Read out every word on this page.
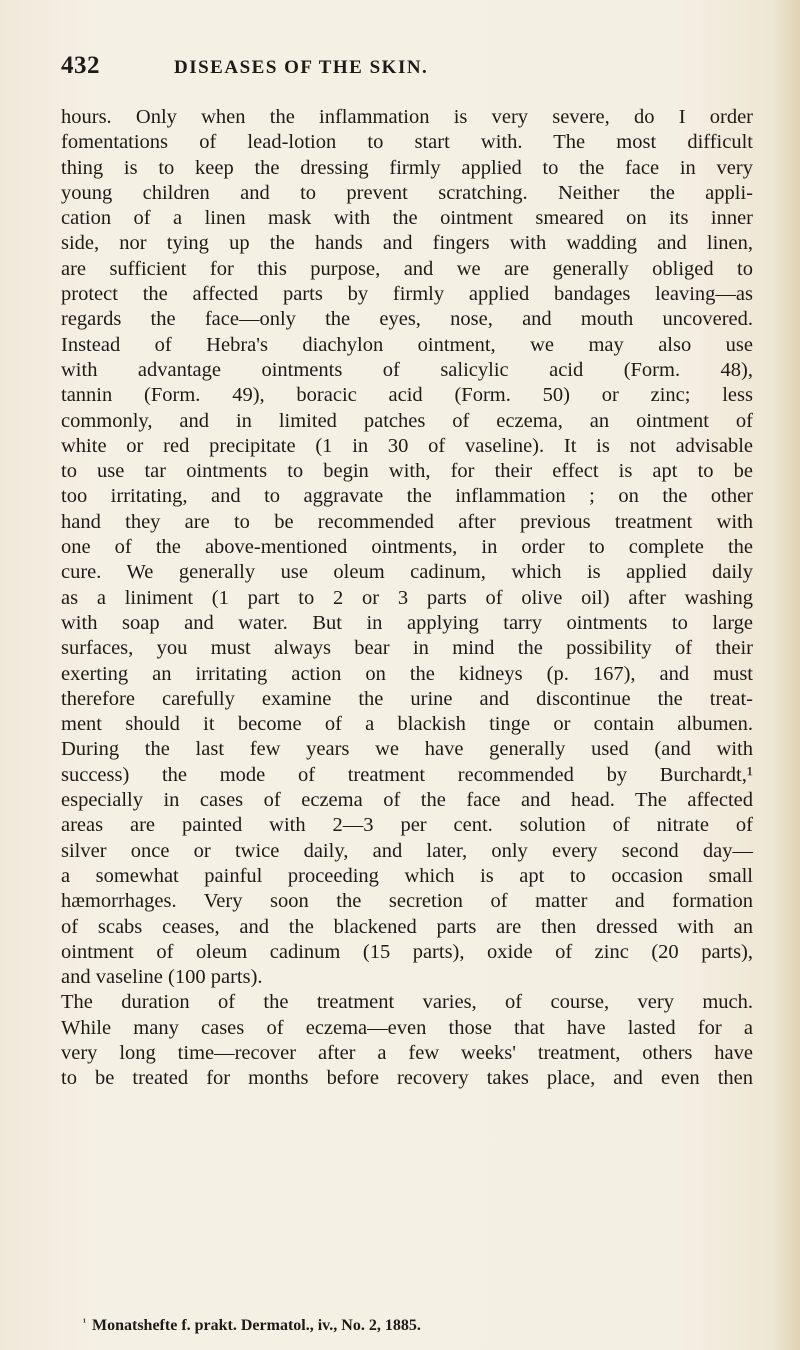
432	DISEASES OF THE SKIN.
hours. Only when the inflammation is very severe, do I order
fomentations of lead-lotion to start with. The most difficult
thing is to keep the dressing firmly applied to the face in very
young children and to prevent scratching. Neither the appli-
cation of a linen mask with the ointment smeared on its inner
side, nor tying up the hands and fingers with wadding and linen,
are sufficient for this purpose, and we are generally obliged to
protect the affected parts by firmly applied bandages leaving—as
regards the face—only the eyes, nose, and mouth uncovered.
Instead of Hebra's diachylon ointment, we may also use
with advantage ointments of salicylic acid (Form. 48),
tannin (Form. 49), boracic acid (Form. 50) or zinc; less
commonly, and in limited patches of eczema, an ointment of
white or red precipitate (1 in 30 of vaseline). It is not advisable
to use tar ointments to begin with, for their effect is apt to be
too irritating, and to aggravate the inflammation ; on the other
hand they are to be recommended after previous treatment with
one of the above-mentioned ointments, in order to complete the
cure. We generally use oleum cadinum, which is applied daily
as a liniment (1 part to 2 or 3 parts of olive oil) after washing
with soap and water. But in applying tarry ointments to large
surfaces, you must always bear in mind the possibility of their
exerting an irritating action on the kidneys (p. 167), and must
therefore carefully examine the urine and discontinue the treat-
ment should it become of a blackish tinge or contain albumen.
During the last few years we have generally used (and with
success) the mode of treatment recommended by Burchardt,¹
especially in cases of eczema of the face and head. The affected
areas are painted with 2—3 per cent. solution of nitrate of
silver once or twice daily, and later, only every second day—
a somewhat painful proceeding which is apt to occasion small
hæmorrhages. Very soon the secretion of matter and formation
of scabs ceases, and the blackened parts are then dressed with an
ointment of oleum cadinum (15 parts), oxide of zinc (20 parts),
and vaseline (100 parts).
The duration of the treatment varies, of course, very much.
While many cases of eczema—even those that have lasted for a
very long time—recover after a few weeks' treatment, others have
to be treated for months before recovery takes place, and even then
$^{^1}$ Monatshefte f. prakt. Dermatol., iv., No. 2, 1885.
